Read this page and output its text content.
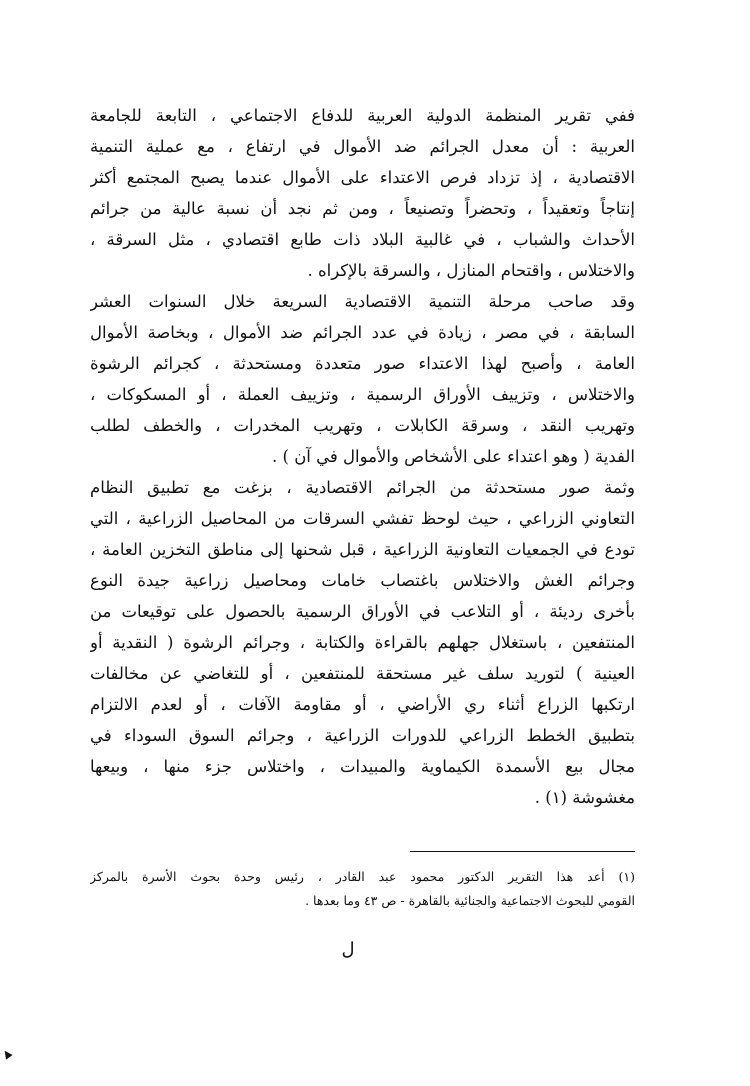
ففي تقرير المنظمة الدولية العربية للدفاع الاجتماعي ، التابعة للجامعة
العربية : أن معدل الجرائم ضد الأموال في ارتفاع ، مع عملية التنمية
الاقتصادية ، إذ تزداد فرص الاعتداء على الأموال عندما يصبح المجتمع أكثر
إنتاجاً وتعقيداً ، وتحضراً وتصنيعاً ، ومن ثم نجد أن نسبة عالية من جرائم
الأحداث والشباب ، في غالبية البلاد ذات طابع اقتصادي ، مثل السرقة ،
والاختلاس ، واقتحام المنازل ، والسرقة بالإكراه .
وقد صاحب مرحلة التنمية الاقتصادية السريعة خلال السنوات العشر
السابقة ، في مصر ، زيادة في عدد الجرائم ضد الأموال ، وبخاصة الأموال
العامة ، وأصبح لهذا الاعتداء صور متعددة ومستحدثة ، كجرائم الرشوة
والاختلاس ، وتزييف الأوراق الرسمية ، وتزييف العملة ، أو المسكوكات ،
وتهريب النقد ، وسرقة الكابلات ، وتهريب المخدرات ، والخطف لطلب
الفدية ( وهو اعتداء على الأشخاص والأموال في آن ) .
وثمة صور مستحدثة من الجرائم الاقتصادية ، بزغت مع تطبيق النظام
التعاوني الزراعي ، حيث لوحظ تفشي السرقات من المحاصيل الزراعية ، التي
تودع في الجمعيات التعاونية الزراعية ، قبل شحنها إلى مناطق التخزين العامة ،
وجرائم الغش والاختلاس باغتصاب خامات ومحاصيل زراعية جيدة النوع
بأخرى رديئة ، أو التلاعب في الأوراق الرسمية بالحصول على توقيعات من
المنتفعين ، باستغلال جهلهم بالقراءة والكتابة ، وجرائم الرشوة ( النقدية أو
العينية ) لتوريد سلف غير مستحقة للمنتفعين ، أو للتغاضي عن مخالفات
ارتكبها الزراع أثناء ري الأراضي ، أو مقاومة الآفات ، أو لعدم الالتزام
بتطبيق الخطط الزراعي للدورات الزراعية ، وجرائم السوق السوداء في
مجال بيع الأسمدة الكيماوية والمبيدات ، واختلاس جزء منها ، وبيعها
مغشوشة (١) .
(١) أعد هذا التقرير الدكتور محمود عبد القادر ، رئيس وحدة بحوث الأسرة بالمركز
القومي للبحوث الاجتماعية والجنائية بالقاهرة - ص ٤٣ وما بعدها .
ل
